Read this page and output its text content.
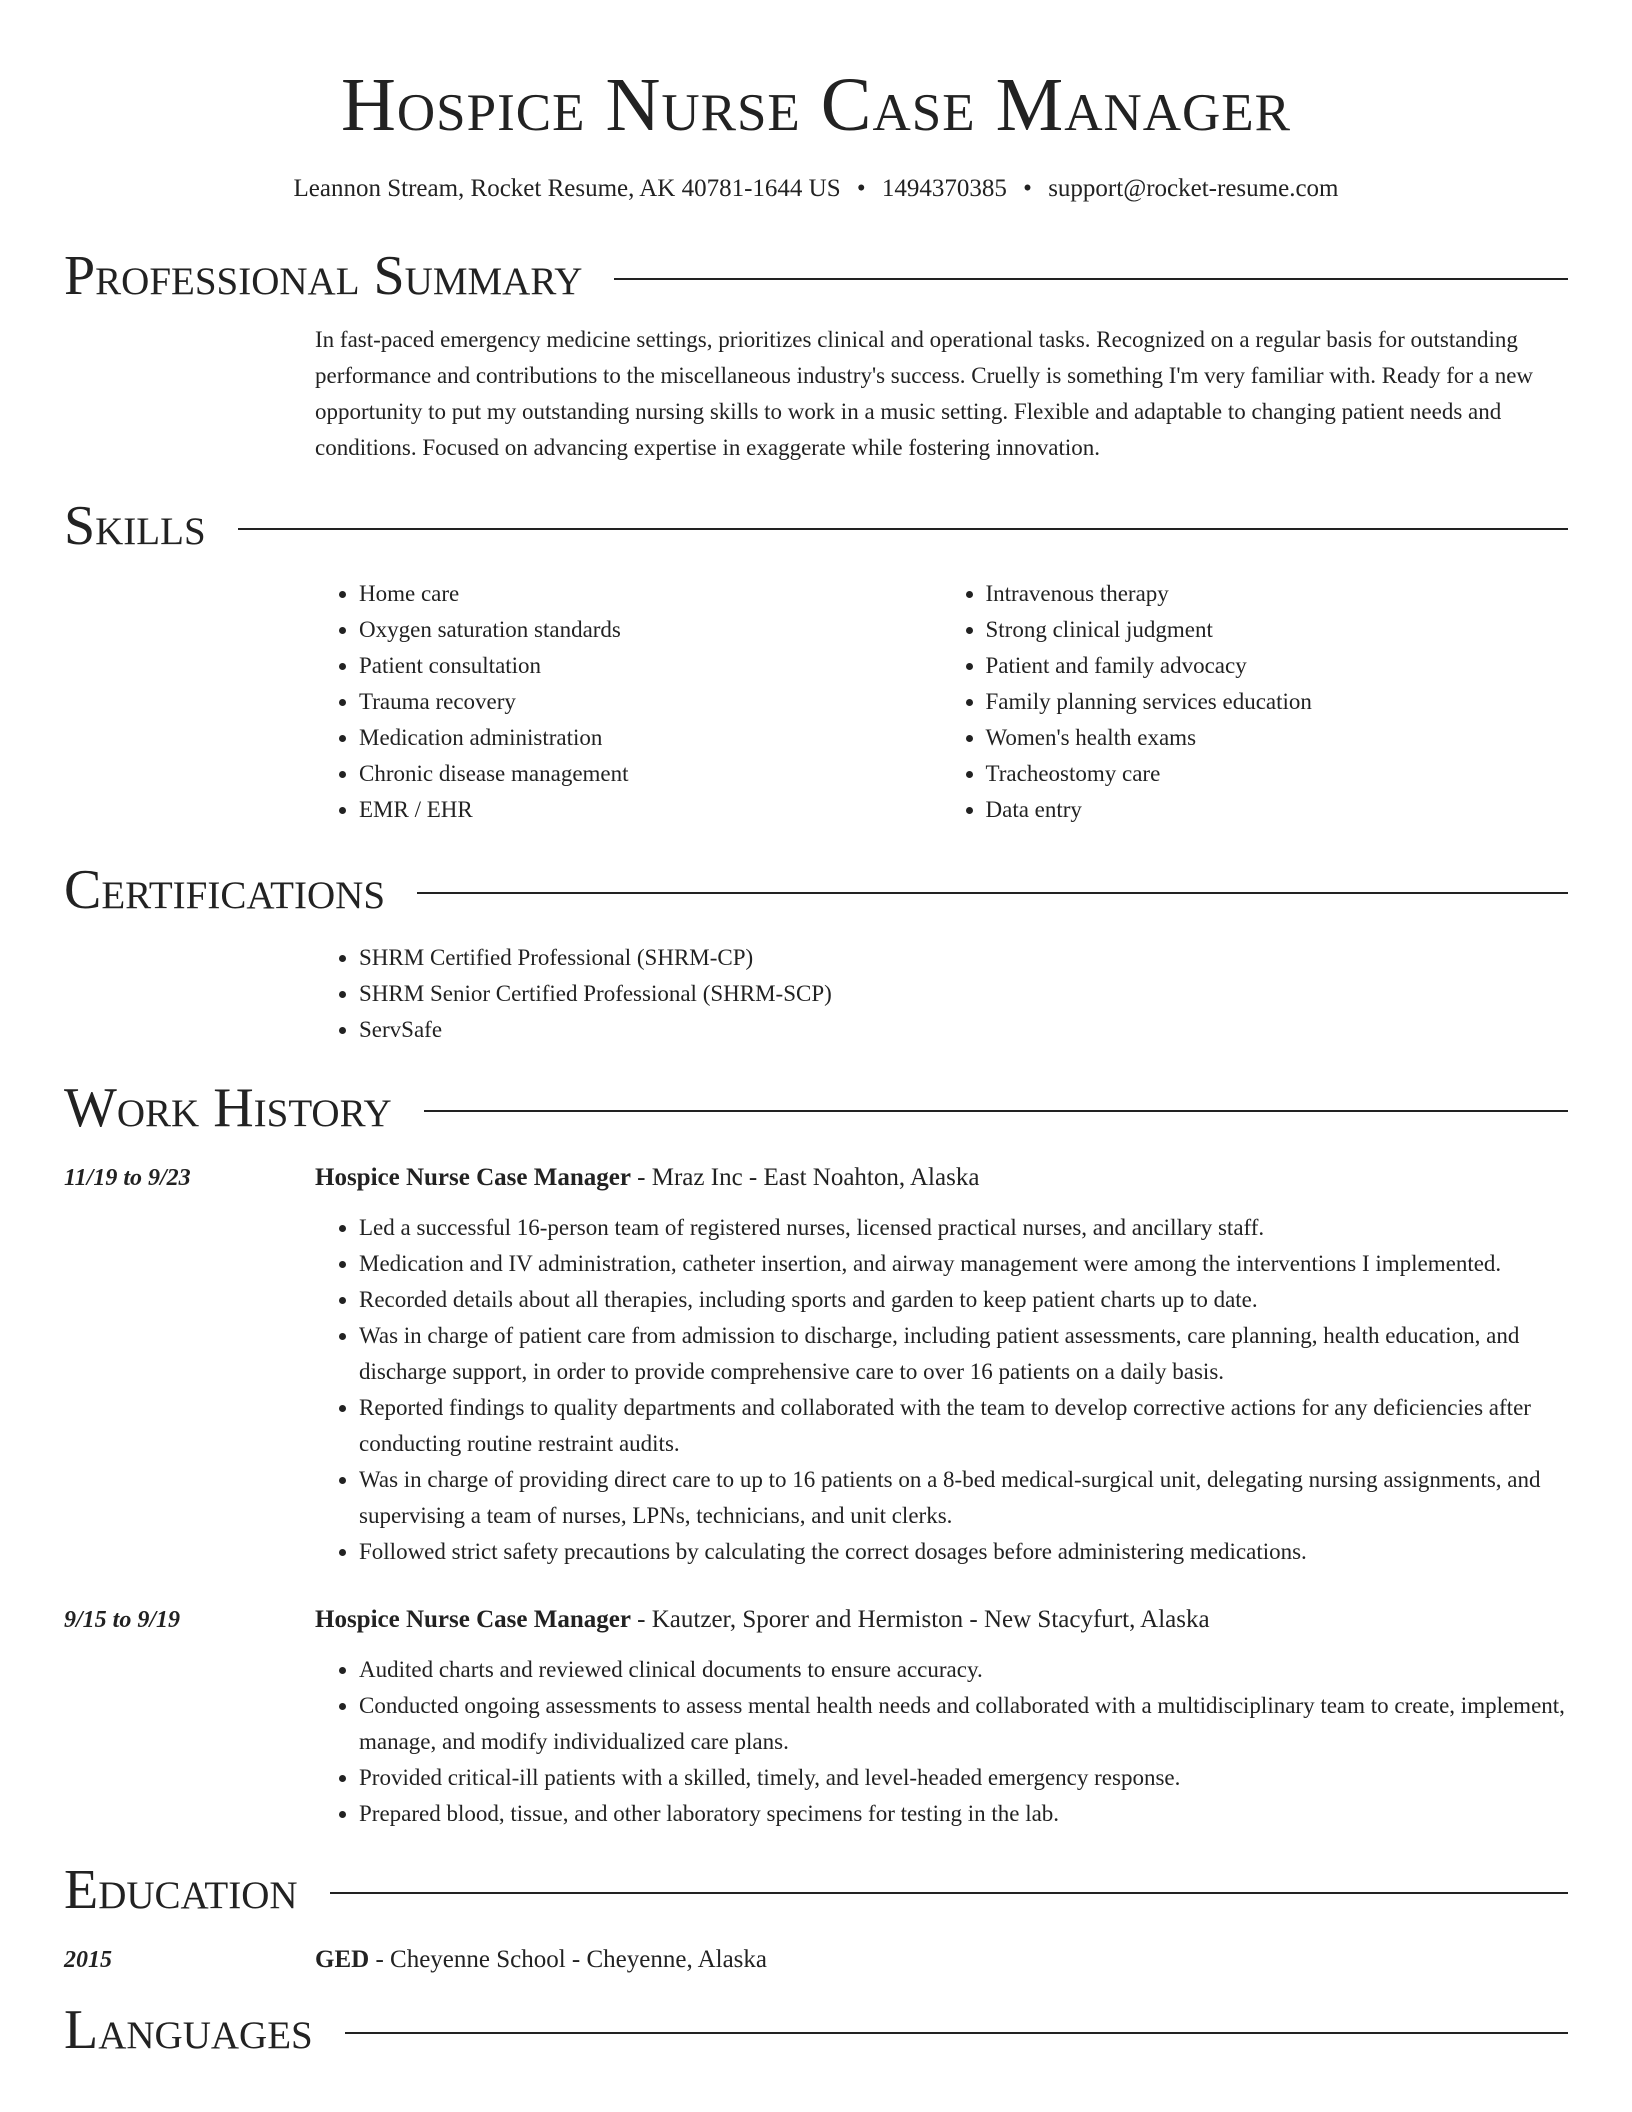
Hospice Nurse Case Manager
Leannon Stream, Rocket Resume, AK 40781-1644 US • 1494370385 • support@rocket-resume.com
Professional Summary

In fast-paced emergency medicine settings, prioritizes clinical and operational tasks. Recognized on a regular basis for outstanding performance and contributions to the miscellaneous industry's success. Cruelly is something I'm very familiar with. Ready for a new opportunity to put my outstanding nursing skills to work in a music setting. Flexible and adaptable to changing patient needs and conditions. Focused on advancing expertise in exaggerate while fostering innovation.

Skills
• Home care
• Oxygen saturation standards
• Patient consultation
• Trauma recovery
• Medication administration
• Chronic disease management
• EMR / EHR
• Intravenous therapy
• Strong clinical judgment
• Patient and family advocacy
• Family planning services education
• Women's health exams
• Tracheostomy care
• Data entry
Certifications
• SHRM Certified Professional (SHRM-CP)
• SHRM Senior Certified Professional (SHRM-SCP)
• ServSafe
Work History
11/19 to 9/23	Hospice Nurse Case Manager - Mraz Inc - East Noahton, Alaska
• Led a successful 16-person team of registered nurses, licensed practical nurses, and ancillary staff.
• Medication and IV administration, catheter insertion, and airway management were among the interventions I implemented.
• Recorded details about all therapies, including sports and garden to keep patient charts up to date.
• Was in charge of patient care from admission to discharge, including patient assessments, care planning, health education, and discharge support, in order to provide comprehensive care to over 16 patients on a daily basis.
• Reported findings to quality departments and collaborated with the team to develop corrective actions for any deficiencies after conducting routine restraint audits.
• Was in charge of providing direct care to up to 16 patients on a 8-bed medical-surgical unit, delegating nursing assignments, and supervising a team of nurses, LPNs, technicians, and unit clerks.
• Followed strict safety precautions by calculating the correct dosages before administering medications.
9/15 to 9/19	Hospice Nurse Case Manager - Kautzer, Sporer and Hermiston - New Stacyfurt, Alaska
• Audited charts and reviewed clinical documents to ensure accuracy.
• Conducted ongoing assessments to assess mental health needs and collaborated with a multidisciplinary team to create, implement, manage, and modify individualized care plans.
• Provided critical-ill patients with a skilled, timely, and level-headed emergency response.
• Prepared blood, tissue, and other laboratory specimens for testing in the lab.
Education
2015	GED - Cheyenne School - Cheyenne, Alaska
Languages
